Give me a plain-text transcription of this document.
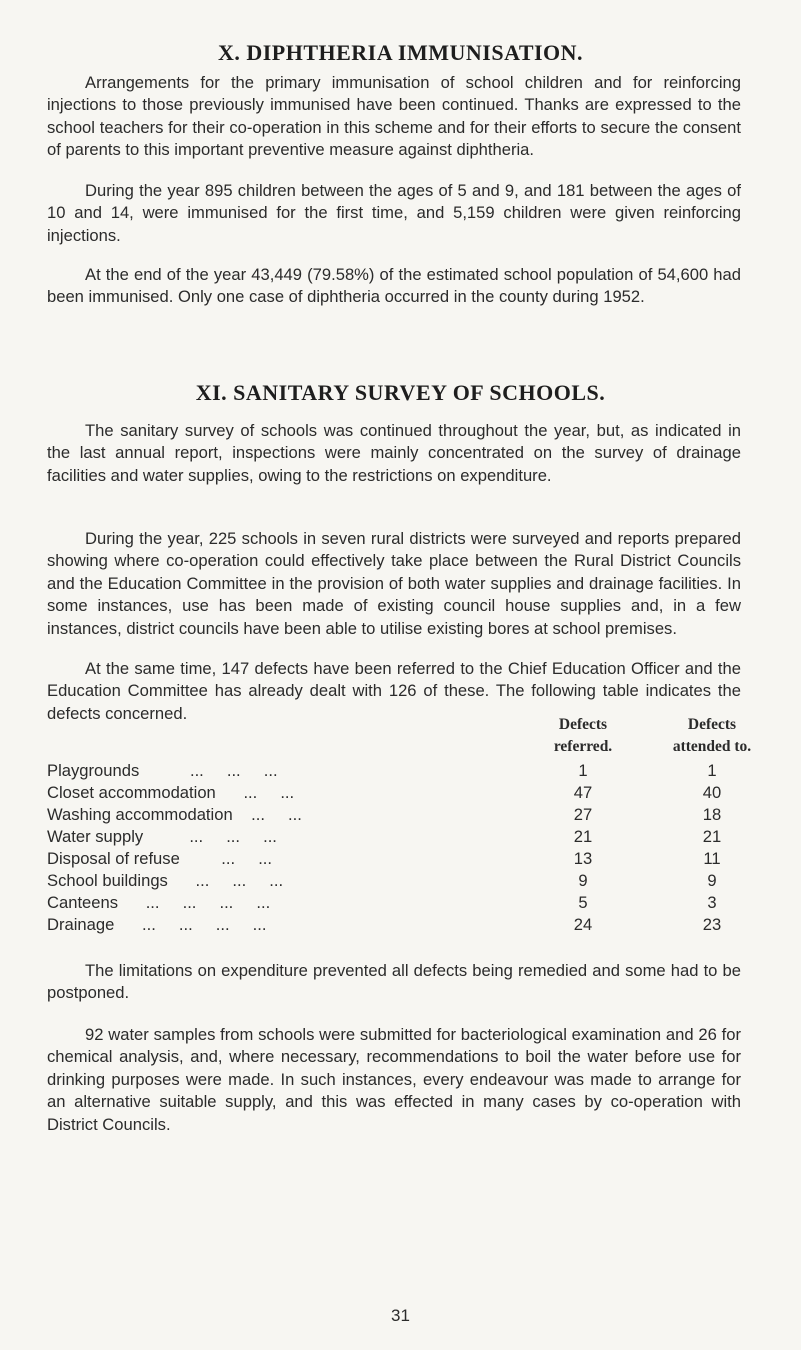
X. DIPHTHERIA IMMUNISATION.

Arrangements for the primary immunisation of school children and for reinforcing injections to those previously immunised have been continued. Thanks are expressed to the school teachers for their co-operation in this scheme and for their efforts to secure the consent of parents to this important preventive measure against diphtheria.

During the year 895 children between the ages of 5 and 9, and 181 between the ages of 10 and 14, were immunised for the first time, and 5,159 children were given reinforcing injections.

At the end of the year 43,449 (79.58%) of the estimated school population of 54,600 had been immunised. Only one case of diphtheria occurred in the county during 1952.

XI. SANITARY SURVEY OF SCHOOLS.

The sanitary survey of schools was continued throughout the year, but, as indicated in the last annual report, inspections were mainly concentrated on the survey of drainage facilities and water supplies, owing to the restrictions on expenditure.

During the year, 225 schools in seven rural districts were surveyed and reports prepared showing where co-operation could effectively take place between the Rural District Councils and the Education Committee in the provision of both water supplies and drainage facilities. In some instances, use has been made of existing council house supplies and, in a few instances, district councils have been able to utilise existing bores at school premises.

At the same time, 147 defects have been referred to the Chief Education Officer and the Education Committee has already dealt with 126 of these. The following table indicates the defects concerned.

Defects
referred.
Defects
attended to.
Playgrounds           ...     ...     ...	1	1
Closet accommodation      ...     ...	47	40
Washing accommodation    ...     ...	27	18
Water supply          ...     ...     ...	21	21
Disposal of refuse         ...     ...	13	11
School buildings      ...     ...     ...	9	9
Canteens      ...     ...     ...     ...	5	3
Drainage      ...     ...     ...     ...	24	23

The limitations on expenditure prevented all defects being remedied and some had to be postponed.

92 water samples from schools were submitted for bacteriological examination and 26 for chemical analysis, and, where necessary, recommendations to boil the water before use for drinking purposes were made. In such instances, every endeavour was made to arrange for an alternative suitable supply, and this was effected in many cases by co-operation with District Councils.

31
